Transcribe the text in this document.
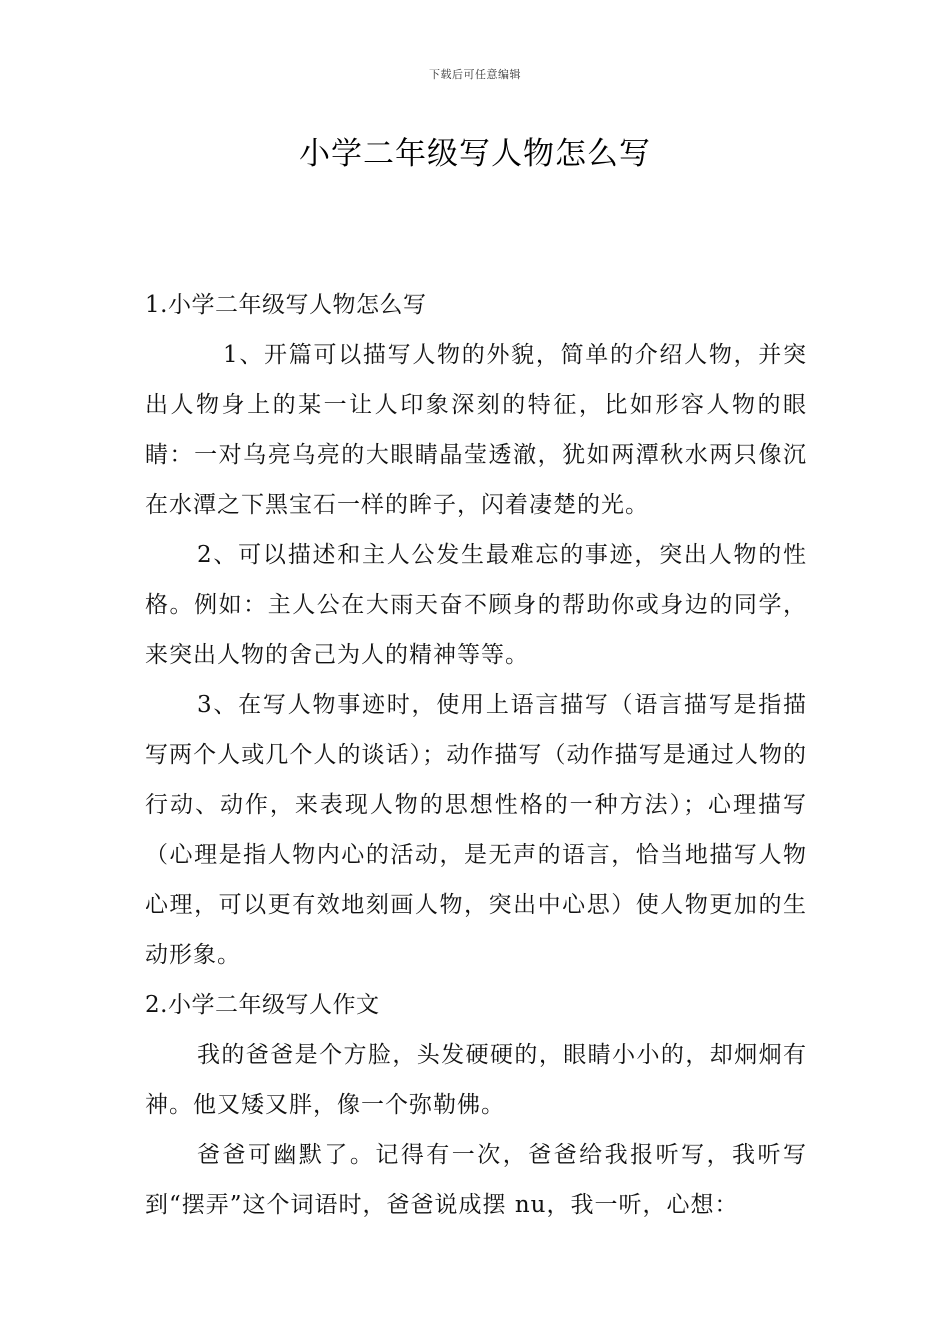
下载后可任意编辑
小学二年级写人物怎么写
1.小学二年级写人物怎么写

1、开篇可以描写人物的外貌，简单的介绍人物，并突出人物身上的某一让人印象深刻的特征，比如形容人物的眼睛：一对乌亮乌亮的大眼睛晶莹透澈，犹如两潭秋水两只像沉在水潭之下黑宝石一样的眸子，闪着凄楚的光。

2、可以描述和主人公发生最难忘的事迹，突出人物的性格。例如：主人公在大雨天奋不顾身的帮助你或身边的同学，来突出人物的舍己为人的精神等等。

3、在写人物事迹时，使用上语言描写（语言描写是指描写两个人或几个人的谈话）；动作描写（动作描写是通过人物的行动、动作，来表现人物的思想性格的一种方法）；心理描写（心理是指人物内心的活动，是无声的语言，恰当地描写人物心理，可以更有效地刻画人物，突出中心思）使人物更加的生动形象。

2.小学二年级写人作文

我的爸爸是个方脸，头发硬硬的，眼睛小小的，却炯炯有神。他又矮又胖，像一个弥勒佛。

爸爸可幽默了。记得有一次，爸爸给我报听写，我听写到“摆弄”这个词语时，爸爸说成摆 nu，我一听，心想：
